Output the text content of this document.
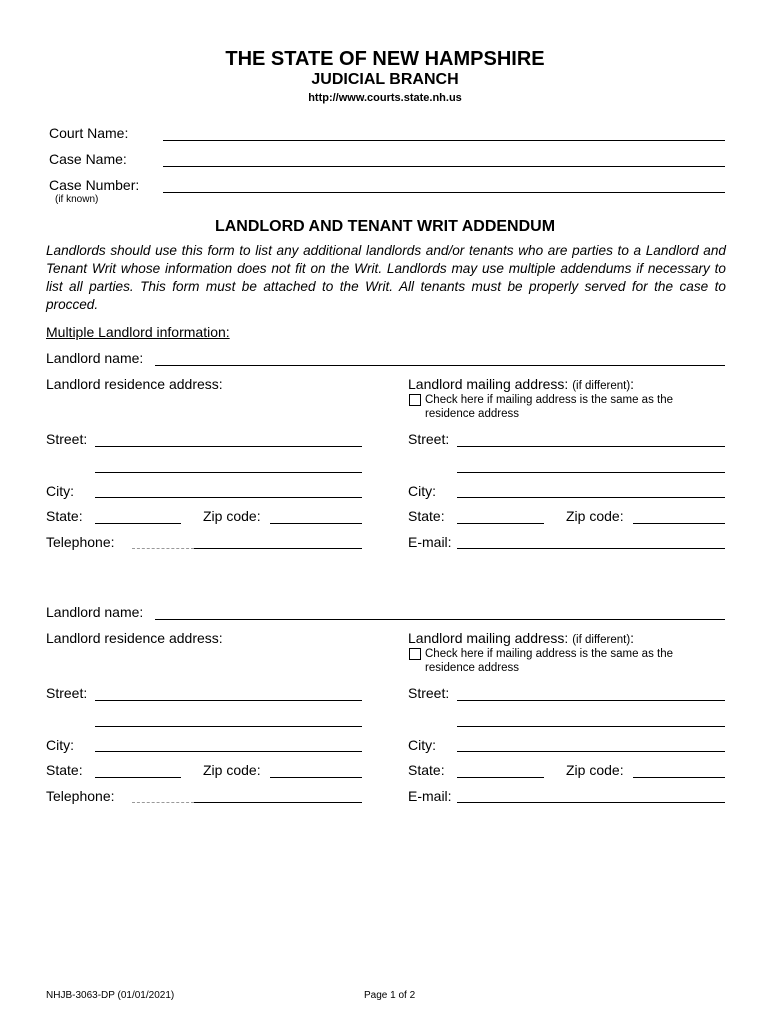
THE STATE OF NEW HAMPSHIRE
JUDICIAL BRANCH
http://www.courts.state.nh.us
Court Name:
Case Name:
Case Number:
(if known)
LANDLORD AND TENANT WRIT ADDENDUM
Landlords should use this form to list any additional landlords and/or tenants who are parties to a Landlord and Tenant Writ whose information does not fit on the Writ. Landlords may use multiple addendums if necessary to list all parties. This form must be attached to the Writ. All tenants must be properly served for the case to procced.
Multiple Landlord information:
Landlord name:
Landlord residence address:	Landlord mailing address: (if different):
Check here if mailing address is the same as the residence address
Street:
City:
State:	Zip code:
Telephone:
Street:
City:
State:	Zip code:
E-mail:
Landlord name:
Landlord residence address:	Landlord mailing address: (if different):
Check here if mailing address is the same as the residence address
Street:
City:
State:	Zip code:
Telephone:
Street:
City:
State:	Zip code:
E-mail:
NHJB-3063-DP (01/01/2021)	Page 1 of 2
